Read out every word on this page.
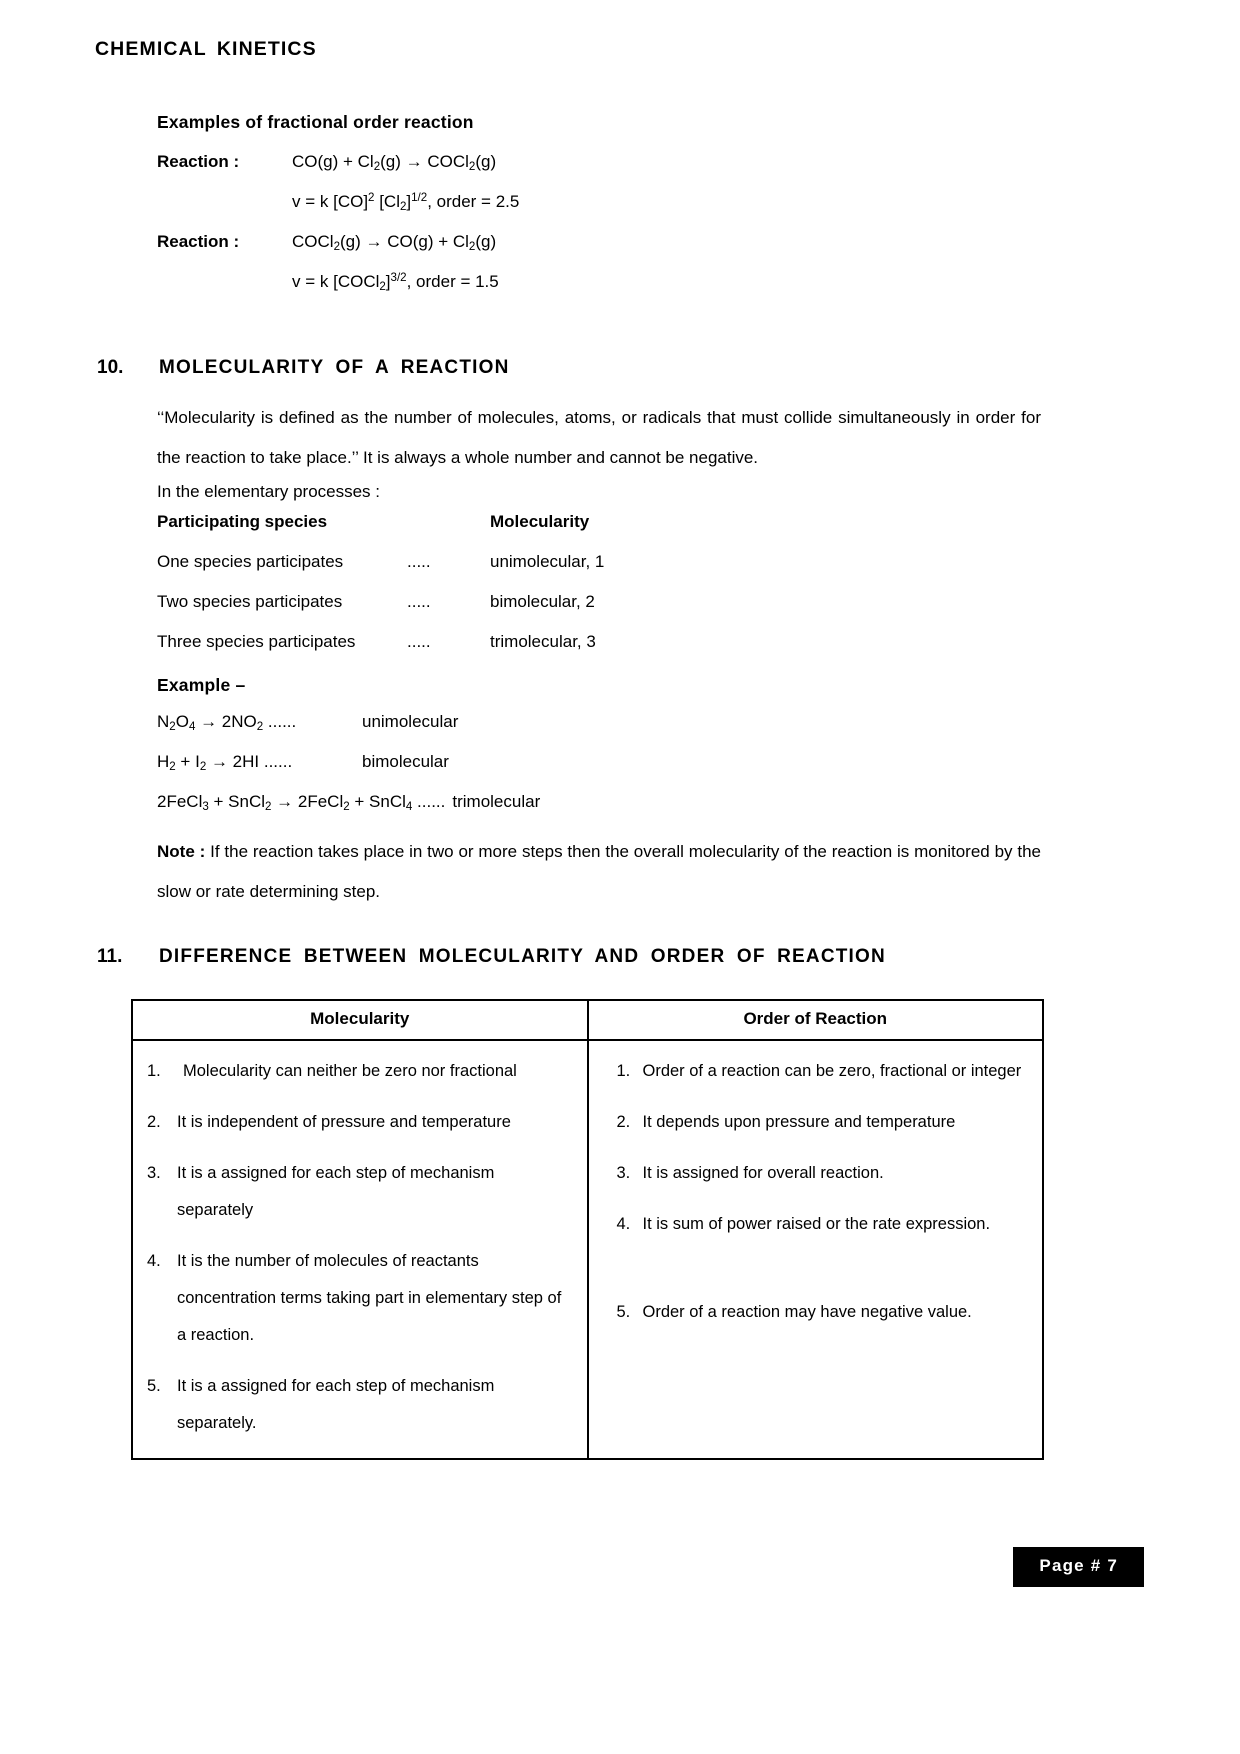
CHEMICAL KINETICS
Examples of fractional order reaction
Reaction :	$CO(g) + Cl_2(g)$ → COCl$_2$(g)
v = k [CO]$^2$ $[Cl_2]^{1/2}$, order = 2.5
Reaction :	COCl$_2$(g) → $CO(g) + Cl_2(g)$
v = k [COCl$_2$]$^{3/2}$, order = 1.5
10.	MOLECULARITY OF A REACTION
‘‘Molecularity is defined as the number of molecules, atoms, or radicals that must collide simultaneously in order for the reaction to take place.’’ It is always a whole number and cannot be negative.
In the elementary processes :
Participating species	Molecularity
One species participates	.....	unimolecular, 1
Two species participates	.....	bimolecular, 2
Three species participates	.....	trimolecular, 3
Example –
$N_2O_4 \to 2NO_2$ ......	unimolecular
$H_2 + I_2 \to 2HI$ ......	bimolecular
2FeCl$_3$ + SnCl$_2$ → 2FeCl$_2$ + SnCl$_4$ ...... trimolecular
Note : If the reaction takes place in two or more steps then the overall molecularity of the reaction is monitored by the slow or rate determining step.
11.	DIFFERENCE BETWEEN MOLECULARITY AND ORDER OF REACTION
Molecularity	Order of Reaction

1.	Molecularity can neither be zero nor fractional
2. It is independent of pressure and temperature
3. It is a assigned for each step of mechanism separately
4. It is the number of molecules of reactants concentration terms taking part in elementary step of a reaction.
5. It is a assigned for each step of mechanism separately.

1. Order of a reaction can be zero, fractional or integer
2. It depends upon pressure and temperature
3. It is assigned for overall reaction.
4. It is sum of power raised or the rate expression.
5. Order of a reaction may have negative value.
Page # 7
